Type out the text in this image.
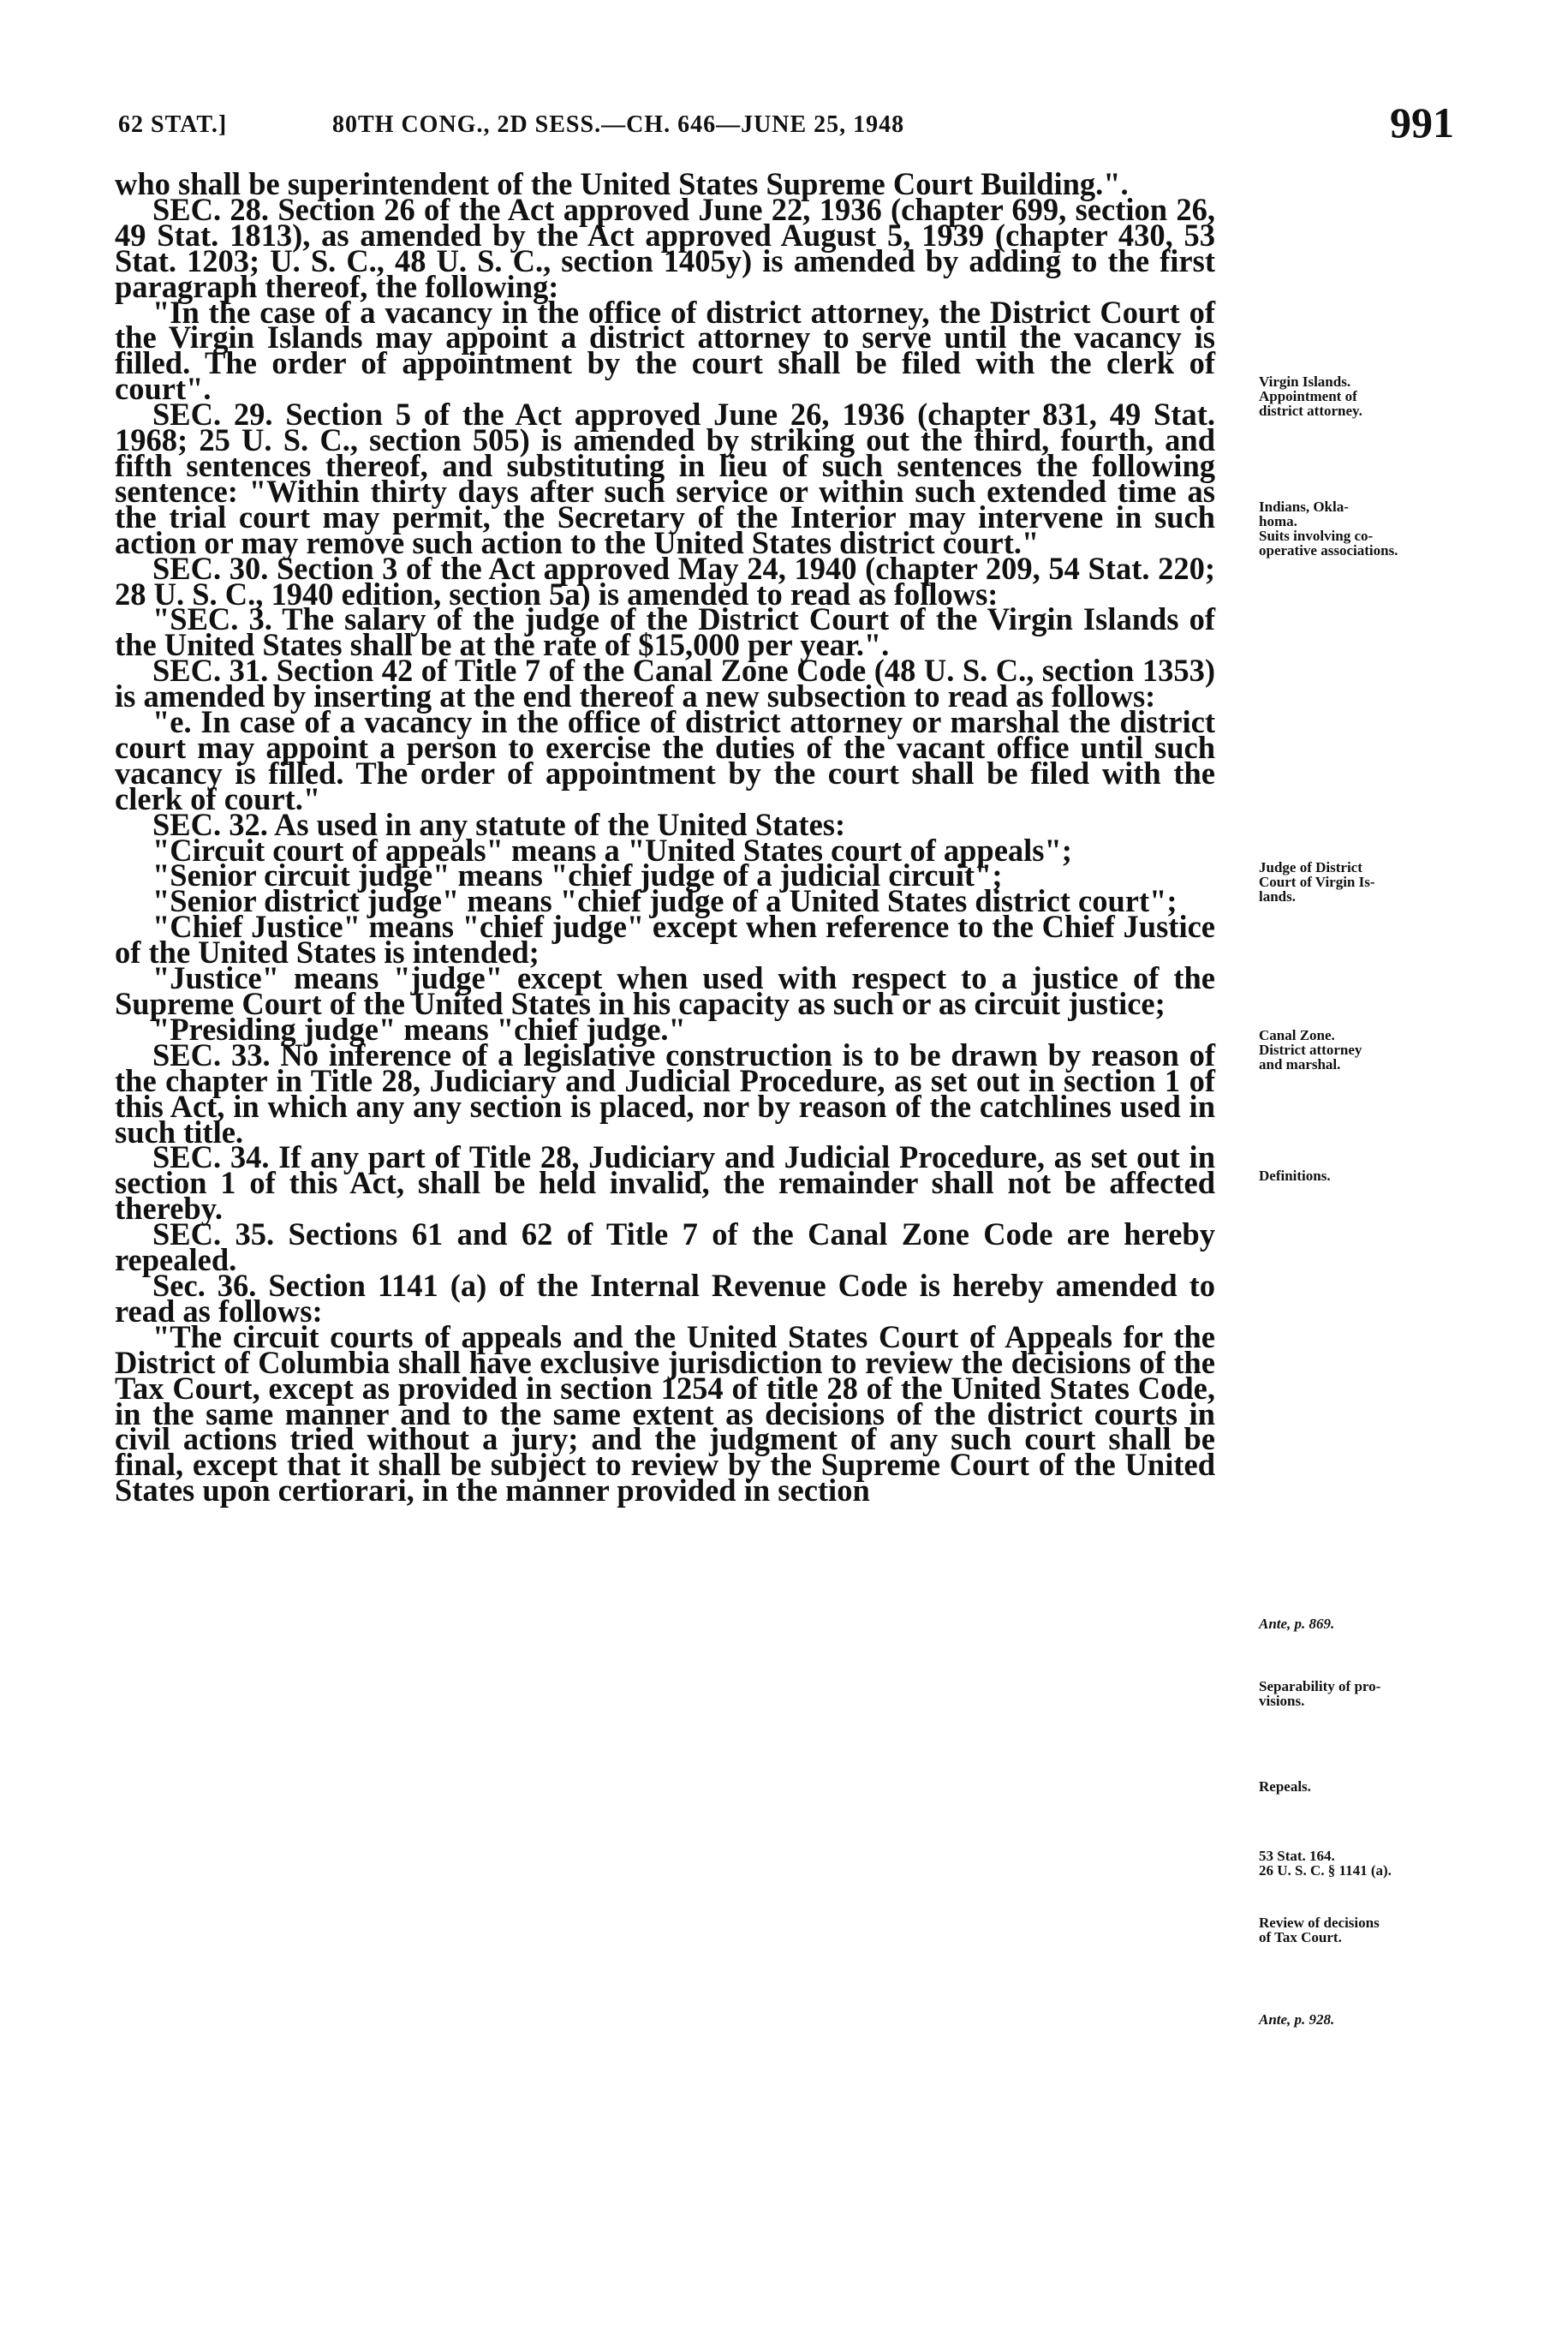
62 STAT.]	80TH CONG., 2D SESS.—CH. 646—JUNE 25, 1948	991

who shall be superintendent of the United States Supreme Court Building.".

SEC. 28. Section 26 of the Act approved June 22, 1936 (chapter 699, section 26, 49 Stat. 1813), as amended by the Act approved August 5, 1939 (chapter 430, 53 Stat. 1203; U. S. C., 48 U. S. C., section 1405y) is amended by adding to the first paragraph thereof, the following:

"In the case of a vacancy in the office of district attorney, the District Court of the Virgin Islands may appoint a district attorney to serve until the vacancy is filled. The order of appointment by the court shall be filed with the clerk of court".

SEC. 29. Section 5 of the Act approved June 26, 1936 (chapter 831, 49 Stat. 1968; 25 U. S. C., section 505) is amended by striking out the third, fourth, and fifth sentences thereof, and substituting in lieu of such sentences the following sentence: "Within thirty days after such service or within such extended time as the trial court may permit, the Secretary of the Interior may intervene in such action or may remove such action to the United States district court."

SEC. 30. Section 3 of the Act approved May 24, 1940 (chapter 209, 54 Stat. 220; 28 U. S. C., 1940 edition, section 5a) is amended to read as follows:

"SEC. 3. The salary of the judge of the District Court of the Virgin Islands of the United States shall be at the rate of $15,000 per year.".

SEC. 31. Section 42 of Title 7 of the Canal Zone Code (48 U. S. C., section 1353) is amended by inserting at the end thereof a new subsection to read as follows:

"e. In case of a vacancy in the office of district attorney or marshal the district court may appoint a person to exercise the duties of the vacant office until such vacancy is filled. The order of appointment by the court shall be filed with the clerk of court."

SEC. 32. As used in any statute of the United States:

"Circuit court of appeals" means a "United States court of appeals";

"Senior circuit judge" means "chief judge of a judicial circuit";

"Senior district judge" means "chief judge of a United States district court";

"Chief Justice" means "chief judge" except when reference to the Chief Justice of the United States is intended;

"Justice" means "judge" except when used with respect to a justice of the Supreme Court of the United States in his capacity as such or as circuit justice;

"Presiding judge" means "chief judge."

SEC. 33. No inference of a legislative construction is to be drawn by reason of the chapter in Title 28, Judiciary and Judicial Procedure, as set out in section 1 of this Act, in which any any section is placed, nor by reason of the catchlines used in such title.

SEC. 34. If any part of Title 28, Judiciary and Judicial Procedure, as set out in section 1 of this Act, shall be held invalid, the remainder shall not be affected thereby.

SEC. 35. Sections 61 and 62 of Title 7 of the Canal Zone Code are hereby repealed.

Sec. 36. Section 1141 (a) of the Internal Revenue Code is hereby amended to read as follows:

"The circuit courts of appeals and the United States Court of Appeals for the District of Columbia shall have exclusive jurisdiction to review the decisions of the Tax Court, except as provided in section 1254 of title 28 of the United States Code, in the same manner and to the same extent as decisions of the district courts in civil actions tried without a jury; and the judgment of any such court shall be final, except that it shall be subject to review by the Supreme Court of the United States upon certiorari, in the manner provided in section

Virgin Islands.
Appointment of
district attorney.
Indians, Okla-
homa.
Suits involving co-
operative associations.
Judge of District
Court of Virgin Is-
lands.
Canal Zone.
District attorney
and marshal.
Definitions.
Ante, p. 869.
Separability of pro-
visions.
Repeals.
53 Stat. 164.
26 U. S. C. § 1141 (a).
Review of decisions
of Tax Court.
Ante, p. 928.
